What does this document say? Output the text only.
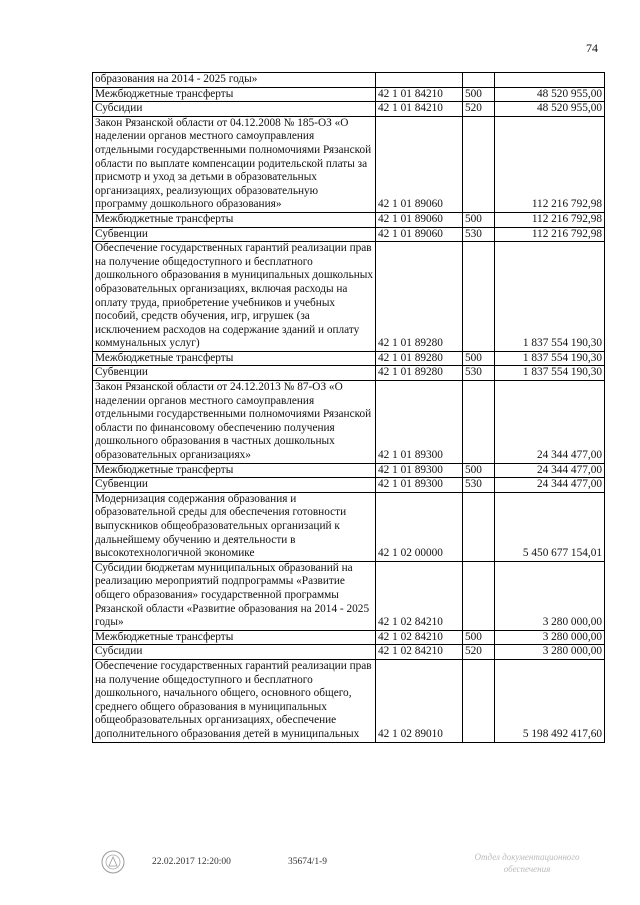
74
образования на 2014 - 2025 годы»			
Межбюджетные трансферты	42 1 01 84210	500	48 520 955,00
Субсидии	42 1 01 84210	520	48 520 955,00
Закон Рязанской области от 04.12.2008 № 185-ОЗ «О наделении органов местного самоуправления отдельными государственными полномочиями Рязанской области по выплате компенсации родительской платы за присмотр и уход за детьми в образовательных организациях, реализующих образовательную программу дошкольного образования»	42 1 01 89060		112 216 792,98
Межбюджетные трансферты	42 1 01 89060	500	112 216 792,98
Субвенции	42 1 01 89060	530	112 216 792,98
Обеспечение государственных гарантий реализации прав на получение общедоступного и бесплатного дошкольного образования в муниципальных дошкольных образовательных организациях, включая расходы на оплату труда, приобретение учебников и учебных пособий, средств обучения, игр, игрушек (за исключением расходов на содержание зданий и оплату коммунальных услуг)	42 1 01 89280		1 837 554 190,30
Межбюджетные трансферты	42 1 01 89280	500	1 837 554 190,30
Субвенции	42 1 01 89280	530	1 837 554 190,30
Закон Рязанской области от 24.12.2013 № 87-ОЗ «О наделении органов местного самоуправления отдельными государственными полномочиями Рязанской области по финансовому обеспечению получения дошкольного образования в частных дошкольных образовательных организациях»	42 1 01 89300		24 344 477,00
Межбюджетные трансферты	42 1 01 89300	500	24 344 477,00
Субвенции	42 1 01 89300	530	24 344 477,00
Модернизация содержания образования и образовательной среды для обеспечения готовности выпускников общеобразовательных организаций к дальнейшему обучению и деятельности в высокотехнологичной экономике	42 1 02 00000		5 450 677 154,01
Субсидии бюджетам муниципальных образований на реализацию мероприятий подпрограммы «Развитие общего образования» государственной программы Рязанской области «Развитие образования на 2014 - 2025 годы»	42 1 02 84210		3 280 000,00
Межбюджетные трансферты	42 1 02 84210	500	3 280 000,00
Субсидии	42 1 02 84210	520	3 280 000,00
Обеспечение государственных гарантий реализации прав на получение общедоступного и бесплатного дошкольного, начального общего, основного общего, среднего общего образования в муниципальных общеобразовательных организациях, обеспечение дополнительного образования детей в муниципальных	42 1 02 89010		5 198 492 417,60
22.02.2017 12:20:00	35674/1-9	Отдел документационного
обеспечения
